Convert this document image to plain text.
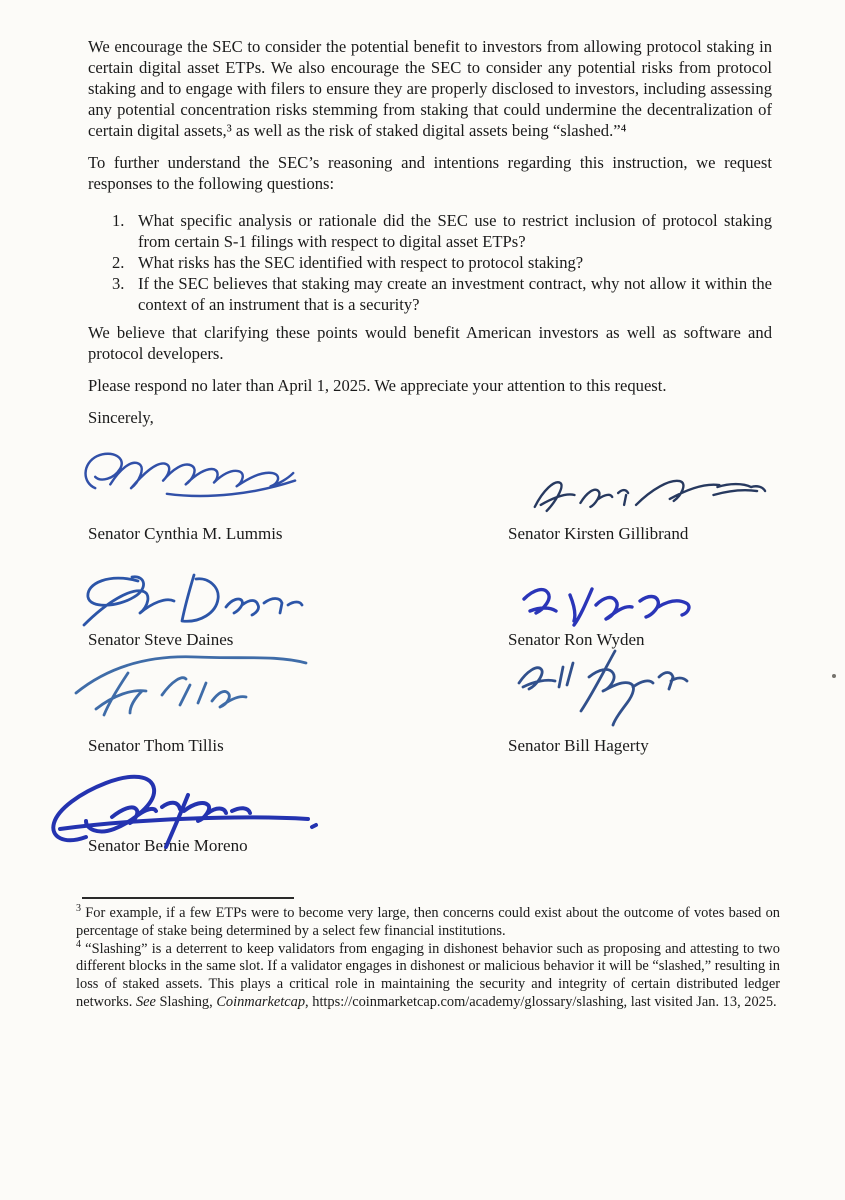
We encourage the SEC to consider the potential benefit to investors from allowing protocol staking in certain digital asset ETPs. We also encourage the SEC to consider any potential risks from protocol staking and to engage with filers to ensure they are properly disclosed to investors, including assessing any potential concentration risks stemming from staking that could undermine the decentralization of certain digital assets,³ as well as the risk of staked digital assets being “slashed.”⁴

To further understand the SEC’s reasoning and intentions regarding this instruction, we request responses to the following questions:

1. What specific analysis or rationale did the SEC use to restrict inclusion of protocol staking from certain S-1 filings with respect to digital asset ETPs?
2. What risks has the SEC identified with respect to protocol staking?
3. If the SEC believes that staking may create an investment contract, why not allow it within the context of an instrument that is a security?

We believe that clarifying these points would benefit American investors as well as software and protocol developers.

Please respond no later than April 1, 2025. We appreciate your attention to this request.

Sincerely,

Senator Cynthia M. Lummis	Senator Kirsten Gillibrand
Senator Steve Daines	Senator Ron Wyden
Senator Thom Tillis	Senator Bill Hagerty
Senator Bernie Moreno

$^3$ For example, if a few ETPs were to become very large, then concerns could exist about the outcome of votes based on percentage of stake being determined by a select few financial institutions.

$^4$ “Slashing” is a deterrent to keep validators from engaging in dishonest behavior such as proposing and attesting to two different blocks in the same slot. If a validator engages in dishonest or malicious behavior it will be “slashed,” resulting in loss of staked assets. This plays a critical role in maintaining the security and integrity of certain distributed ledger networks. See Slashing, Coinmarketcap, https://coinmarketcap.com/academy/glossary/slashing, last visited Jan. 13, 2025.
